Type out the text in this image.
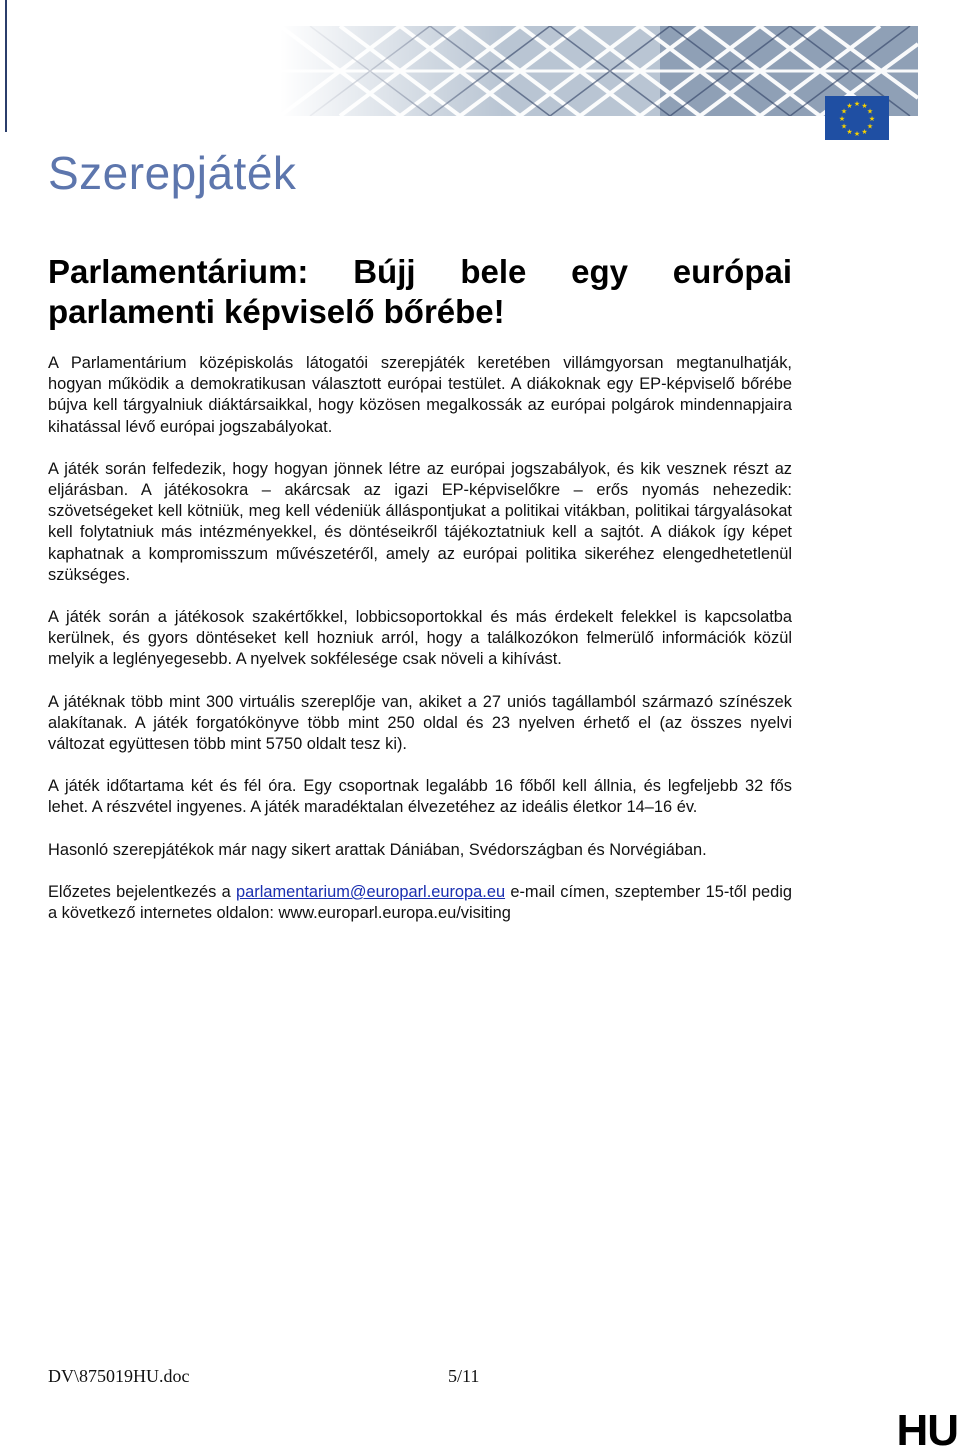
★ ★
★
★
★
★
★
★
★
★
★
★
Szerepjáték
Parlamentárium: Bújj bele egy európai
parlamenti képviselő bőrébe!

A Parlamentárium középiskolás látogatói szerepjáték keretében villámgyorsan megtanulhatják, hogyan működik a demokratikusan választott európai testület. A diákoknak egy EP-képviselő bőrébe bújva kell tárgyalniuk diáktársaikkal, hogy közösen megalkossák az európai polgárok mindennapjaira kihatással lévő európai jogszabályokat.

A játék során felfedezik, hogy hogyan jönnek létre az európai jogszabályok, és kik vesznek részt az eljárásban. A játékosokra – akárcsak az igazi EP-képviselőkre – erős nyomás nehezedik: szövetségeket kell kötniük, meg kell védeniük álláspontjukat a politikai vitákban, politikai tárgyalásokat kell folytatniuk más intézményekkel, és döntéseikről tájékoztatniuk kell a sajtót. A diákok így képet kaphatnak a kompromisszum művészetéről, amely az európai politika sikeréhez elengedhetetlenül szükséges.

A játék során a játékosok szakértőkkel, lobbicsoportokkal és más érdekelt felekkel is kapcsolatba kerülnek, és gyors döntéseket kell hozniuk arról, hogy a találkozókon felmerülő információk közül melyik a leglényegesebb. A nyelvek sokfélesége csak növeli a kihívást.

A játéknak több mint 300 virtuális szereplője van, akiket a 27 uniós tagállamból származó színészek alakítanak. A játék forgatókönyve több mint 250 oldal és 23 nyelven érhető el (az összes nyelvi változat együttesen több mint 5750 oldalt tesz ki).

A játék időtartama két és fél óra. Egy csoportnak legalább 16 főből kell állnia, és legfeljebb 32 fős lehet. A részvétel ingyenes. A játék maradéktalan élvezetéhez az ideális életkor 14–16 év.

Hasonló szerepjátékok már nagy sikert arattak Dániában, Svédországban és Norvégiában.

Előzetes bejelentkezés a parlamentarium@europarl.europa.eu e-mail címen, szeptember 15-től pedig a következő internetes oldalon: www.europarl.europa.eu/visiting

DV\875019HU.doc	5/11
HU
